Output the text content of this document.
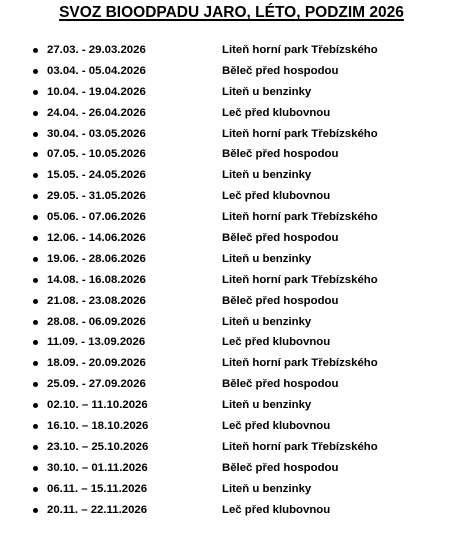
SVOZ BIOODPADU JARO, LÉTO, PODZIM 2026
27.03. - 29.03.2026	Liteň horní park Třebízského
03.04. - 05.04.2026	Běleč před hospodou
10.04. - 19.04.2026	Liteň u benzinky
24.04. - 26.04.2026	Leč před klubovnou
30.04. - 03.05.2026	Liteň horní park Třebízského
07.05. - 10.05.2026	Běleč před hospodou
15.05. - 24.05.2026	Liteň u benzinky
29.05. - 31.05.2026	Leč před klubovnou
05.06. - 07.06.2026	Liteň horní park Třebízského
12.06. - 14.06.2026	Běleč před hospodou
19.06. - 28.06.2026	Liteň u benzinky
14.08. - 16.08.2026	Liteň horní park Třebízského
21.08. - 23.08.2026	Běleč před hospodou
28.08. - 06.09.2026	Liteň u benzinky
11.09. - 13.09.2026	Leč před klubovnou
18.09. - 20.09.2026	Liteň horní park Třebízského
25.09. - 27.09.2026	Běleč před hospodou
02.10. – 11.10.2026	Liteň u benzinky
16.10. – 18.10.2026	Leč před klubovnou
23.10. – 25.10.2026	Liteň horní park Třebízského
30.10. – 01.11.2026	Běleč před hospodou
06.11. – 15.11.2026	Liteň u benzinky
20.11. – 22.11.2026	Leč před klubovnou
